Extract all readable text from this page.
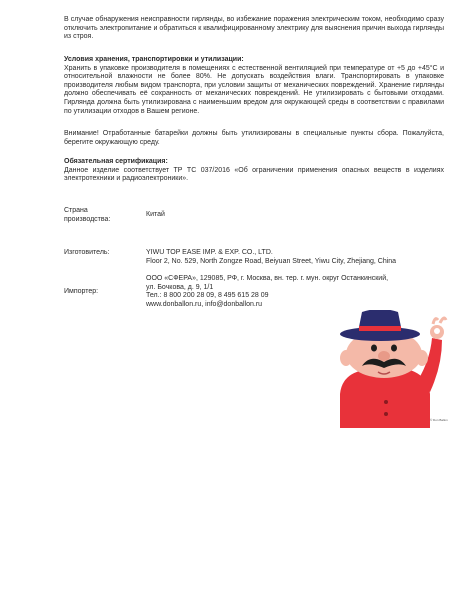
В случае обнаружения неисправности гирлянды, во избежание поражения электрическим током, необходимо сразу отключить электропитание и обратиться к квалифицированному электрику для выяснения причин выхода гирлянды из строя.

Условия хранения, транспортировки и утилизации:
Хранить в упаковке производителя в помещениях с естественной вентиляцией при температуре от +5 до +45°С и относительной влажности не более 80%. Не допускать воздействия влаги. Транспортировать в упаковке производителя любым видом транспорта, при условии защиты от механических повреждений. Хранение гирлянды должно обеспечивать её сохранность от механических повреждений. Не утилизировать с бытовыми отходами. Гирлянда должна быть утилизирована с наименьшим вредом для окружающей среды в соответствии с правилами по утилизации отходов в Вашем регионе.

Внимание! Отработанные батарейки должны быть утилизированы в специальные пункты сбора. Пожалуйста, берегите окружающую среду.

Обязательная сертификация:
Данное изделие соответствует ТР ТС 037/2016 «Об ограничении применения опасных веществ в изделиях электротехники и радиоэлектроники».
Страна
производства:
Китай
Изготовитель:	YIWU TOP EASE IMP. & EXP. CO., LTD.
Floor 2, No. 529, North Zongze Road, Beiyuan Street, Yiwu City, Zhejiang, China
Импортер:
ООО «СФЕРА», 129085, РФ, г. Москва, вн. тер. г. мун. округ Останкинский,
ул. Бочкова, д. 9, 1/1
Тел.: 8 800 200 28 09, 8 495 615 28 09
www.donballon.ru, info@donballon.ru
© Don Ballon
